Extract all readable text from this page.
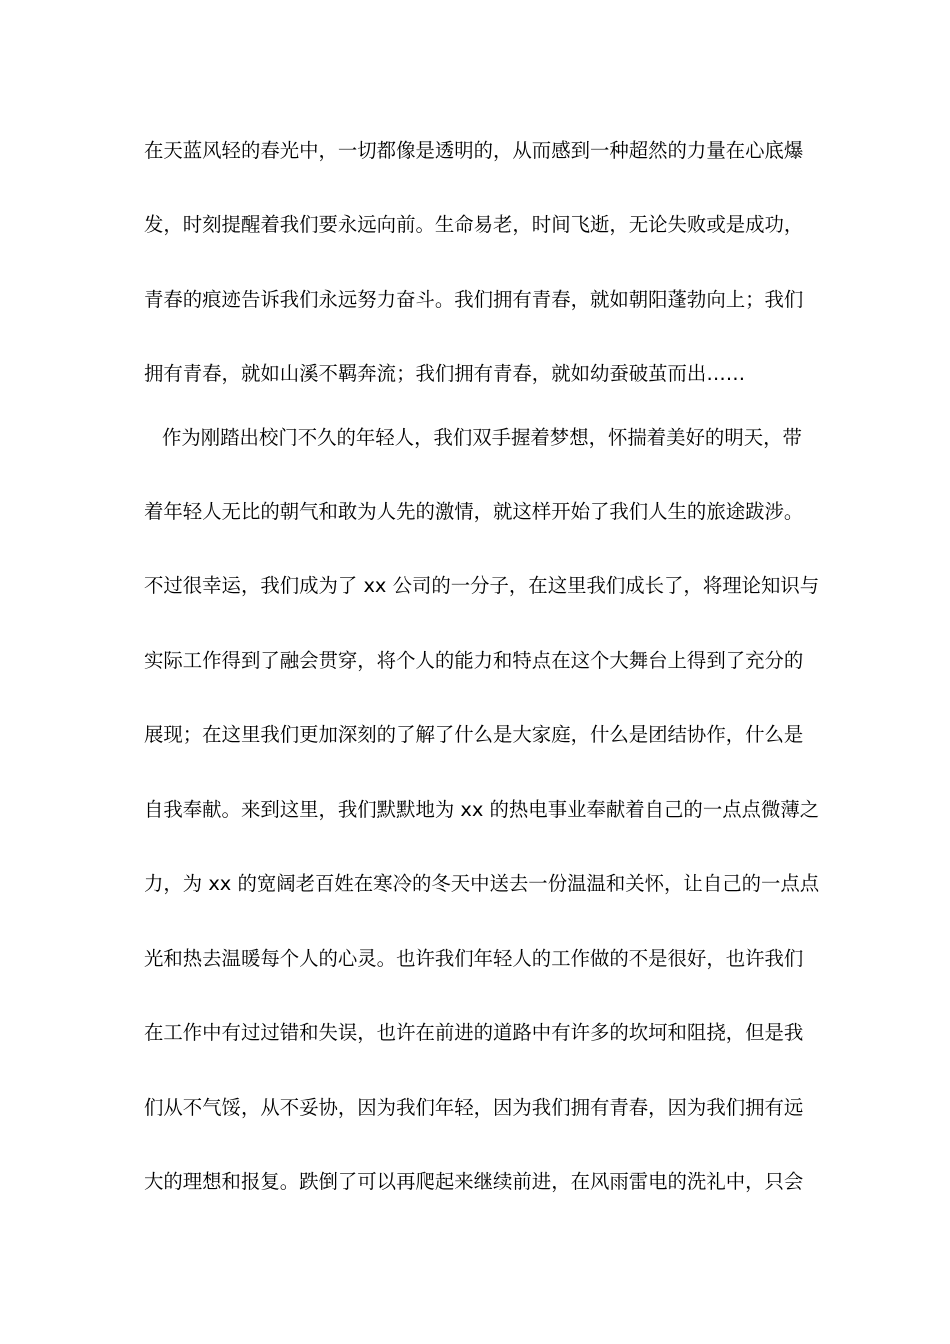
在天蓝风轻的春光中，一切都像是透明的，从而感到一种超然的力量在心底爆
发，时刻提醒着我们要永远向前。生命易老，时间飞逝，无论失败或是成功，
青春的痕迹告诉我们永远努力奋斗。我们拥有青春，就如朝阳蓬勃向上；我们
拥有青春，就如山溪不羁奔流；我们拥有青春，就如幼蚕破茧而出……
作为刚踏出校门不久的年轻人，我们双手握着梦想，怀揣着美好的明天，带
着年轻人无比的朝气和敢为人先的激情，就这样开始了我们人生的旅途跋涉。
不过很幸运，我们成为了 xx 公司的一分子，在这里我们成长了，将理论知识与
实际工作得到了融会贯穿，将个人的能力和特点在这个大舞台上得到了充分的
展现；在这里我们更加深刻的了解了什么是大家庭，什么是团结协作，什么是
自我奉献。来到这里，我们默默地为 xx 的热电事业奉献着自己的一点点微薄之
力，为 xx 的宽阔老百姓在寒冷的冬天中送去一份温温和关怀，让自己的一点点
光和热去温暖每个人的心灵。也许我们年轻人的工作做的不是很好，也许我们
在工作中有过过错和失误，也许在前进的道路中有许多的坎坷和阻挠，但是我
们从不气馁，从不妥协，因为我们年轻，因为我们拥有青春，因为我们拥有远
大的理想和报复。跌倒了可以再爬起来继续前进，在风雨雷电的洗礼中，只会
